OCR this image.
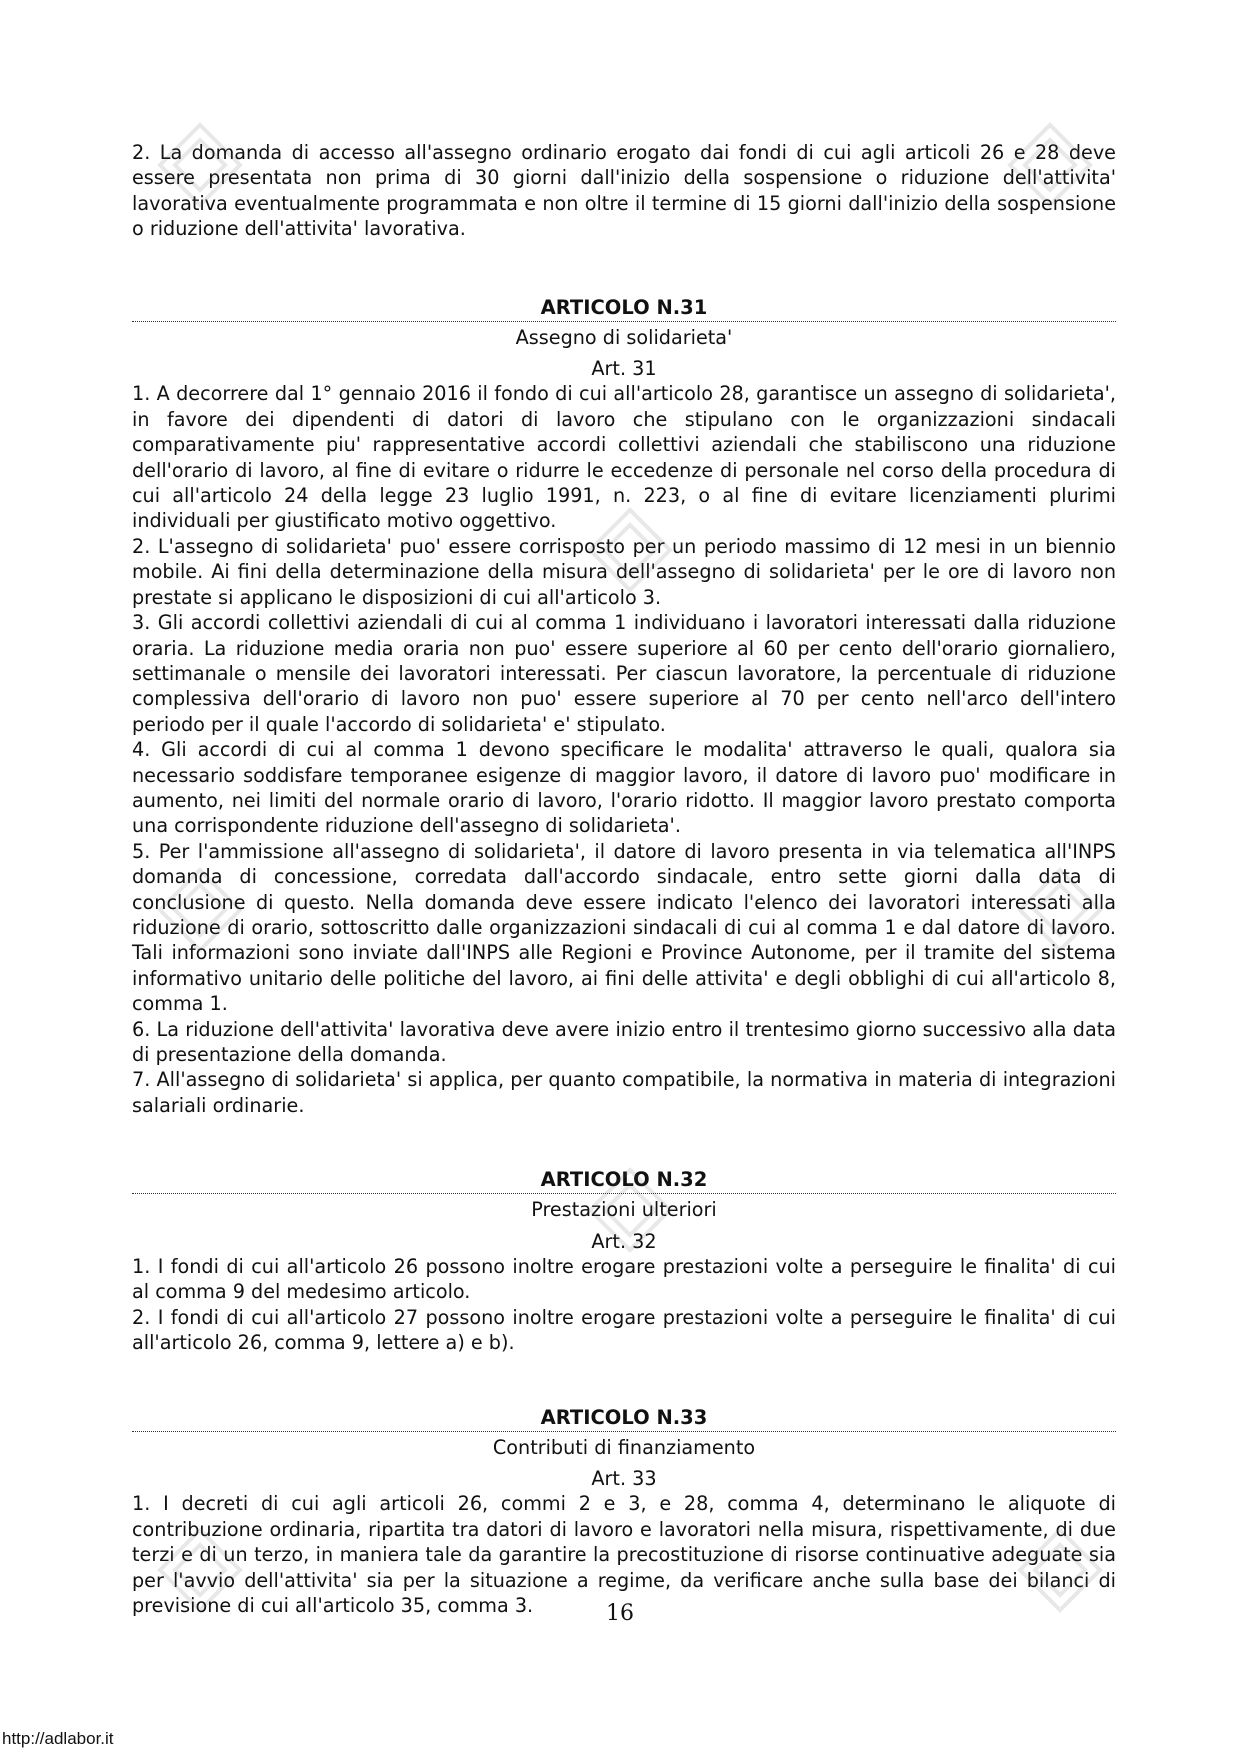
2. La domanda di accesso all'assegno ordinario erogato dai fondi di cui agli articoli 26 e 28 deve essere presentata non prima di 30 giorni dall'inizio della sospensione o riduzione dell'attivita' lavorativa eventualmente programmata e non oltre il termine di 15 giorni dall'inizio della sospensione o riduzione dell'attivita' lavorativa.

ARTICOLO N.31

Assegno di solidarieta'

Art. 31

1. A decorrere dal 1° gennaio 2016 il fondo di cui all'articolo 28, garantisce un assegno di solidarieta', in favore dei dipendenti di datori di lavoro che stipulano con le organizzazioni sindacali comparativamente piu' rappresentative accordi collettivi aziendali che stabiliscono una riduzione dell'orario di lavoro, al fine di evitare o ridurre le eccedenze di personale nel corso della procedura di cui all'articolo 24 della legge 23 luglio 1991, n. 223, o al fine di evitare licenziamenti plurimi individuali per giustificato motivo oggettivo.

2. L'assegno di solidarieta' puo' essere corrisposto per un periodo massimo di 12 mesi in un biennio mobile. Ai fini della determinazione della misura dell'assegno di solidarieta' per le ore di lavoro non prestate si applicano le disposizioni di cui all'articolo 3.

3. Gli accordi collettivi aziendali di cui al comma 1 individuano i lavoratori interessati dalla riduzione oraria. La riduzione media oraria non puo' essere superiore al 60 per cento dell'orario giornaliero, settimanale o mensile dei lavoratori interessati. Per ciascun lavoratore, la percentuale di riduzione complessiva dell'orario di lavoro non puo' essere superiore al 70 per cento nell'arco dell'intero periodo per il quale l'accordo di solidarieta' e' stipulato.

4. Gli accordi di cui al comma 1 devono specificare le modalita' attraverso le quali, qualora sia necessario soddisfare temporanee esigenze di maggior lavoro, il datore di lavoro puo' modificare in aumento, nei limiti del normale orario di lavoro, l'orario ridotto. Il maggior lavoro prestato comporta una corrispondente riduzione dell'assegno di solidarieta'.

5. Per l'ammissione all'assegno di solidarieta', il datore di lavoro presenta in via telematica all'INPS domanda di concessione, corredata dall'accordo sindacale, entro sette giorni dalla data di conclusione di questo. Nella domanda deve essere indicato l'elenco dei lavoratori interessati alla riduzione di orario, sottoscritto dalle organizzazioni sindacali di cui al comma 1 e dal datore di lavoro. Tali informazioni sono inviate dall'INPS alle Regioni e Province Autonome, per il tramite del sistema informativo unitario delle politiche del lavoro, ai fini delle attivita' e degli obblighi di cui all'articolo 8, comma 1.

6. La riduzione dell'attivita' lavorativa deve avere inizio entro il trentesimo giorno successivo alla data di presentazione della domanda.

7. All'assegno di solidarieta' si applica, per quanto compatibile, la normativa in materia di integrazioni salariali ordinarie.

ARTICOLO N.32

Prestazioni ulteriori

Art. 32

1. I fondi di cui all'articolo 26 possono inoltre erogare prestazioni volte a perseguire le finalita' di cui al comma 9 del medesimo articolo.

2. I fondi di cui all'articolo 27 possono inoltre erogare prestazioni volte a perseguire le finalita' di cui all'articolo 26, comma 9, lettere a) e b).

ARTICOLO N.33

Contributi di finanziamento

Art. 33

1. I decreti di cui agli articoli 26, commi 2 e 3, e 28, comma 4, determinano le aliquote di contribuzione ordinaria, ripartita tra datori di lavoro e lavoratori nella misura, rispettivamente, di due terzi e di un terzo, in maniera tale da garantire la precostituzione di risorse continuative adeguate sia per l'avvio dell'attivita' sia per la situazione a regime, da verificare anche sulla base dei bilanci di previsione di cui all'articolo 35, comma 3.	16
http://adlabor.it
